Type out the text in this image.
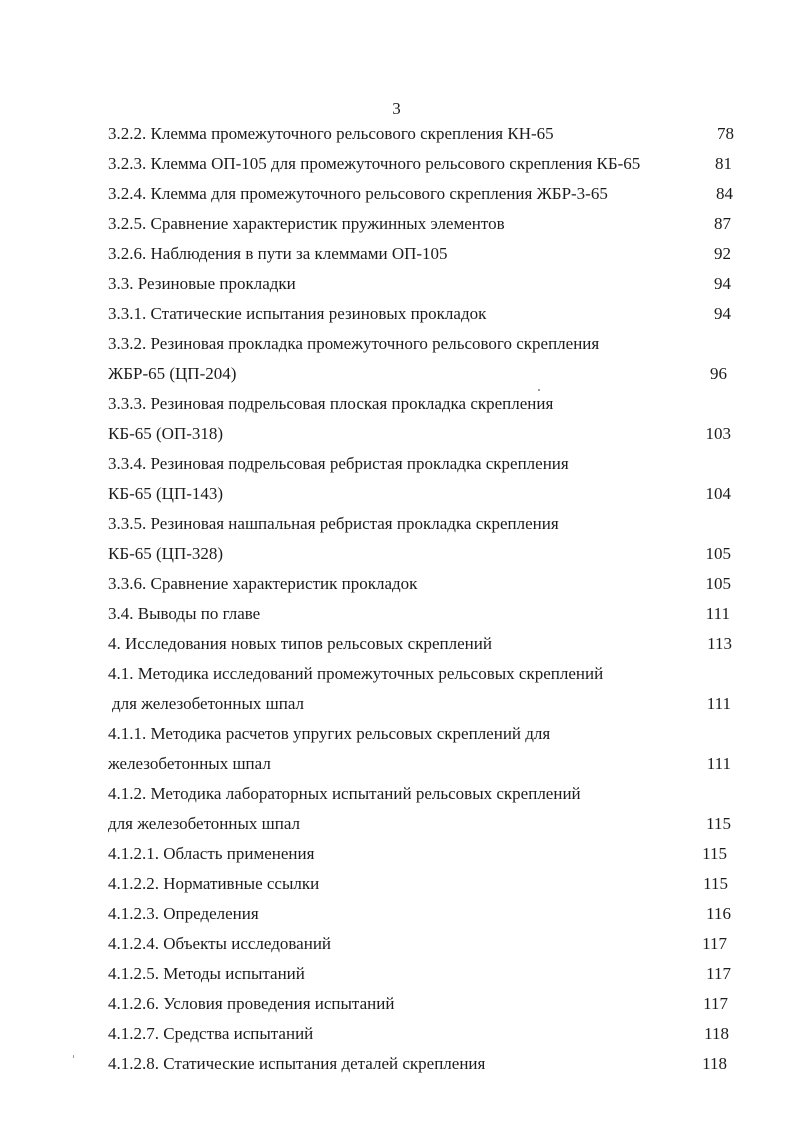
3
3.2.2. Клемма промежуточного рельсового скрепления КН-65	78
3.2.3. Клемма ОП-105 для промежуточного рельсового скрепления КБ-65	81
3.2.4. Клемма для промежуточного рельсового скрепления ЖБР-3-65	84
3.2.5. Сравнение характеристик пружинных элементов	87
3.2.6. Наблюдения в пути за клеммами ОП-105	92
3.3. Резиновые прокладки	94
3.3.1. Статические испытания резиновых прокладок	94
3.3.2. Резиновая прокладка промежуточного рельсового скрепления
ЖБР-65 (ЦП-204)	96
3.3.3. Резиновая подрельсовая плоская прокладка скрепления
КБ-65 (ОП-318)	103
3.3.4. Резиновая подрельсовая ребристая прокладка скрепления
КБ-65 (ЦП-143)	104
3.3.5. Резиновая нашпальная ребристая прокладка скрепления
КБ-65 (ЦП-328)	105
3.3.6. Сравнение характеристик прокладок	105
3.4. Выводы по главе	111
4. Исследования новых типов рельсовых скреплений	113
4.1. Методика исследований промежуточных рельсовых скреплений
для железобетонных шпал	111
4.1.1. Методика расчетов упругих рельсовых скреплений для
железобетонных шпал	111
4.1.2. Методика лабораторных испытаний рельсовых скреплений
для железобетонных шпал	115
4.1.2.1. Область применения	115
4.1.2.2. Нормативные ссылки	115
4.1.2.3. Определения	116
4.1.2.4. Объекты исследований	117
4.1.2.5. Методы испытаний	117
4.1.2.6. Условия проведения испытаний	117
4.1.2.7. Средства испытаний	118
4.1.2.8. Статические испытания деталей скрепления	118
